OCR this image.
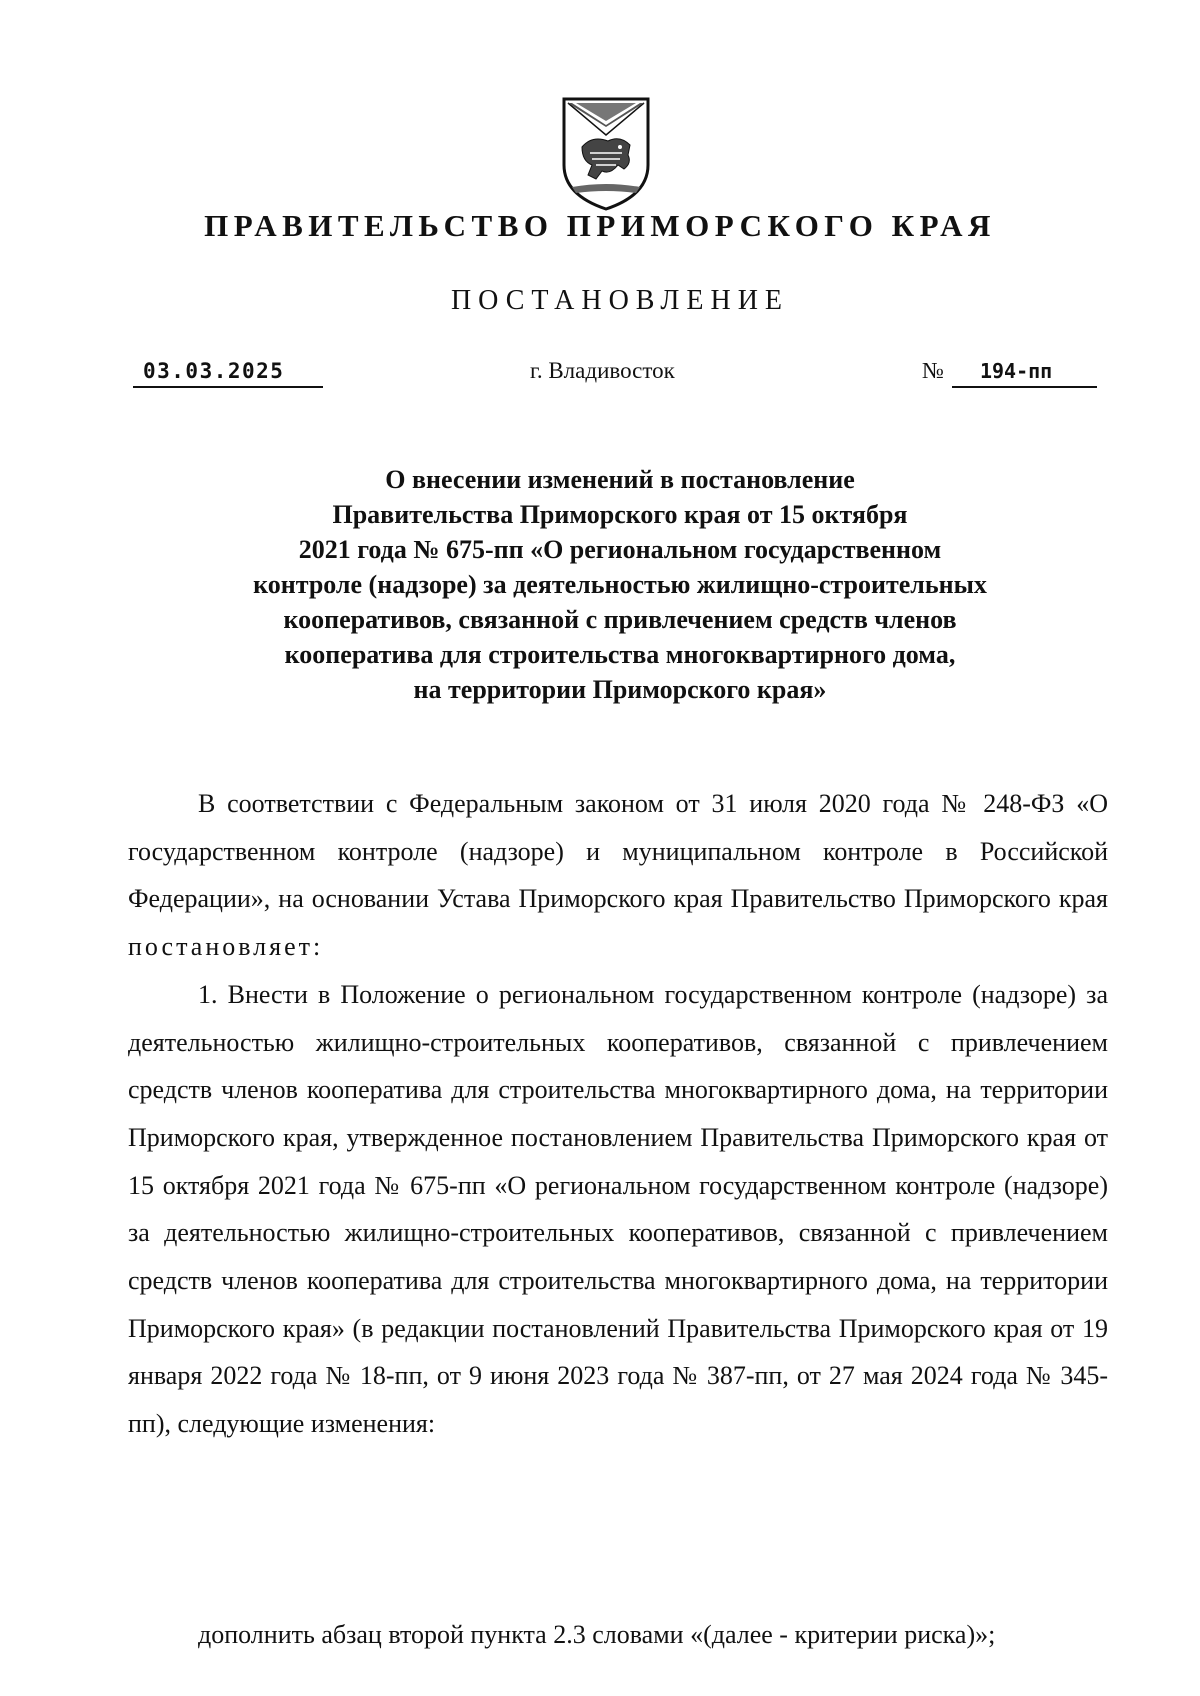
ПРАВИТЕЛЬСТВО ПРИМОРСКОГО КРАЯ
ПОСТАНОВЛЕНИЕ
03.03.2025	г. Владивосток	№	194-пп
О внесении изменений в постановление
Правительства Приморского края от 15 октября
2021 года № 675-пп «О региональном государственном
контроле (надзоре) за деятельностью жилищно-строительных
кооперативов, связанной с привлечением средств членов
кооператива для строительства многоквартирного дома,
на территории Приморского края»

В соответствии с Федеральным законом от 31 июля 2020 года № 248-ФЗ «О государственном контроле (надзоре) и муниципальном контроле в Российской Федерации», на основании Устава Приморского края Правительство Приморского края постановляет:

1. Внести в Положение о региональном государственном контроле (надзоре) за деятельностью жилищно-строительных кооперативов, связанной с привлечением средств членов кооператива для строительства многоквартирного дома, на территории Приморского края, утвержденное постановлением Правительства Приморского края от 15 октября 2021 года № 675-пп «О региональном государственном контроле (надзоре) за деятельностью жилищно-строительных кооперативов, связанной с привлечением средств членов кооператива для строительства многоквартирного дома, на территории Приморского края» (в редакции постановлений Правительства Приморского края от 19 января 2022 года № 18-пп, от 9 июня 2023 года № 387-пп, от 27 мая 2024 года № 345-пп), следующие изменения:

дополнить абзац второй пункта 2.3 словами «(далее - критерии риска)»;
